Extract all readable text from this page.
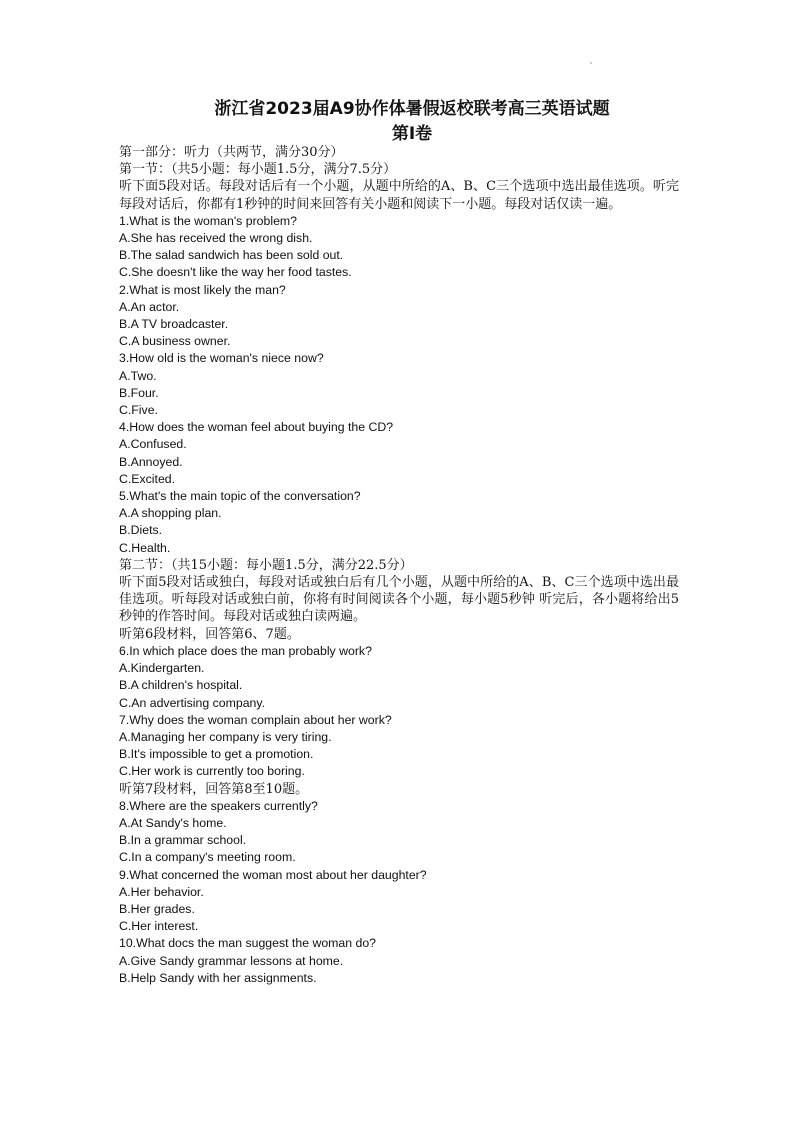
浙江省2023届A9协作体暑假返校联考高三英语试题
第I卷
第一部分：听力（共两节，满分30分）
第一节：（共5小题：每小题1.5分，满分7.5分）
听下面5段对话。每段对话后有一个小题，从题中所给的A、B、C三个选项中选出最佳选项。听完每段对话后，你都有1秒钟的时间来回答有关小题和阅读下一小题。每段对话仅读一遍。
1.What is the woman's problem?
A.She has received the wrong dish.
B.The salad sandwich has been sold out.
C.She doesn't like the way her food tastes.
2.What is most likely the man?
A.An actor.
B.A TV broadcaster.
C.A business owner.
3.How old is the woman's niece now?
A.Two.
B.Four.
C.Five.
4.How does the woman feel about buying the CD?
A.Confused.
B.Annoyed.
C.Excited.
5.What's the main topic of the conversation?
A.A shopping plan.
B.Diets.
C.Health.
第二节：（共15小题：每小题1.5分，满分22.5分）
听下面5段对话或独白，每段对话或独白后有几个小题，从题中所给的A、B、C三个选项中选出最佳选项。听每段对话或独白前，你将有时间阅读各个小题，每小题5秒钟 听完后，各小题将给出5秒钟的作答时间。每段对话或独白读两遍。
听第6段材料，回答第6、7题。
6.In which place does the man probably work?
A.Kindergarten.
B.A children's hospital.
C.An advertising company.
7.Why does the woman complain about her work?
A.Managing her company is very tiring.
B.It's impossible to get a promotion.
C.Her work is currently too boring.
听第7段材料，回答第8至10题。
8.Where are the speakers currently?
A.At Sandy's home.
B.In a grammar school.
C.In a company's meeting room.
9.What concerned the woman most about her daughter?
A.Her behavior.
B.Her grades.
C.Her interest.
10.What docs the man suggest the woman do?
A.Give Sandy grammar lessons at home.
B.Help Sandy with her assignments.
